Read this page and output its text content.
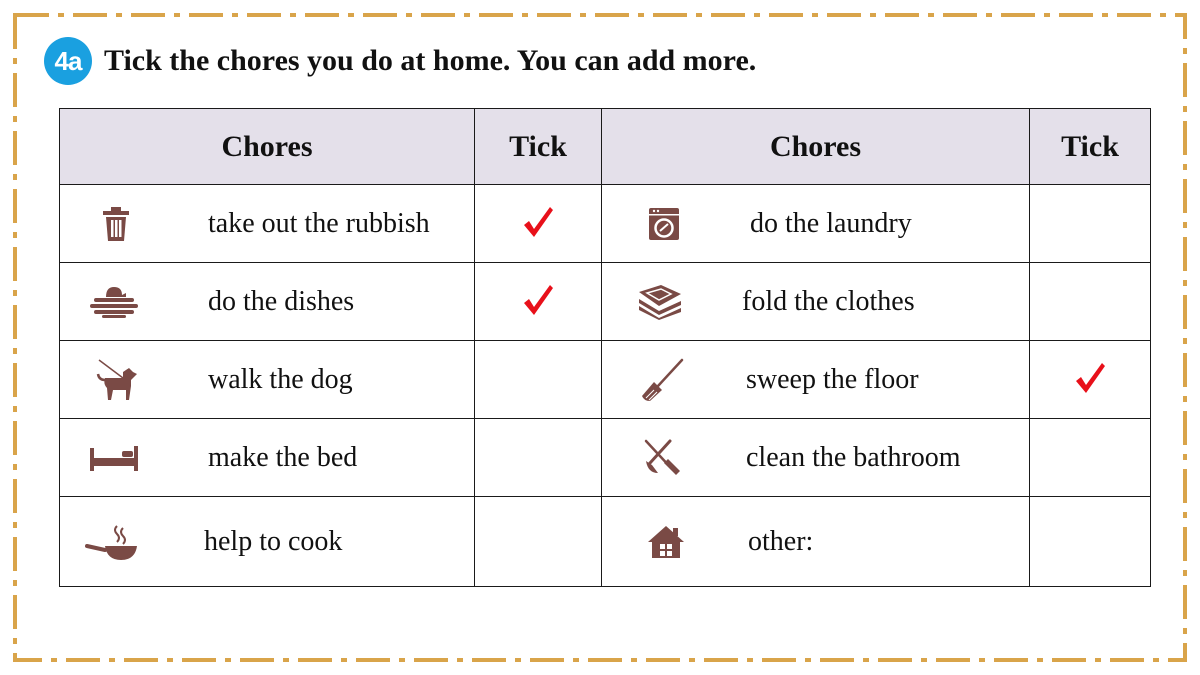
4a Tick the chores you do at home. You can add more.
Chores	Tick	Chores	Tick

take out the rubbish		do the laundry	

do the dishes		fold the clothes	

walk the dog		sweep the floor

make the bed		clean the bathroom	

help to cook		other:	
